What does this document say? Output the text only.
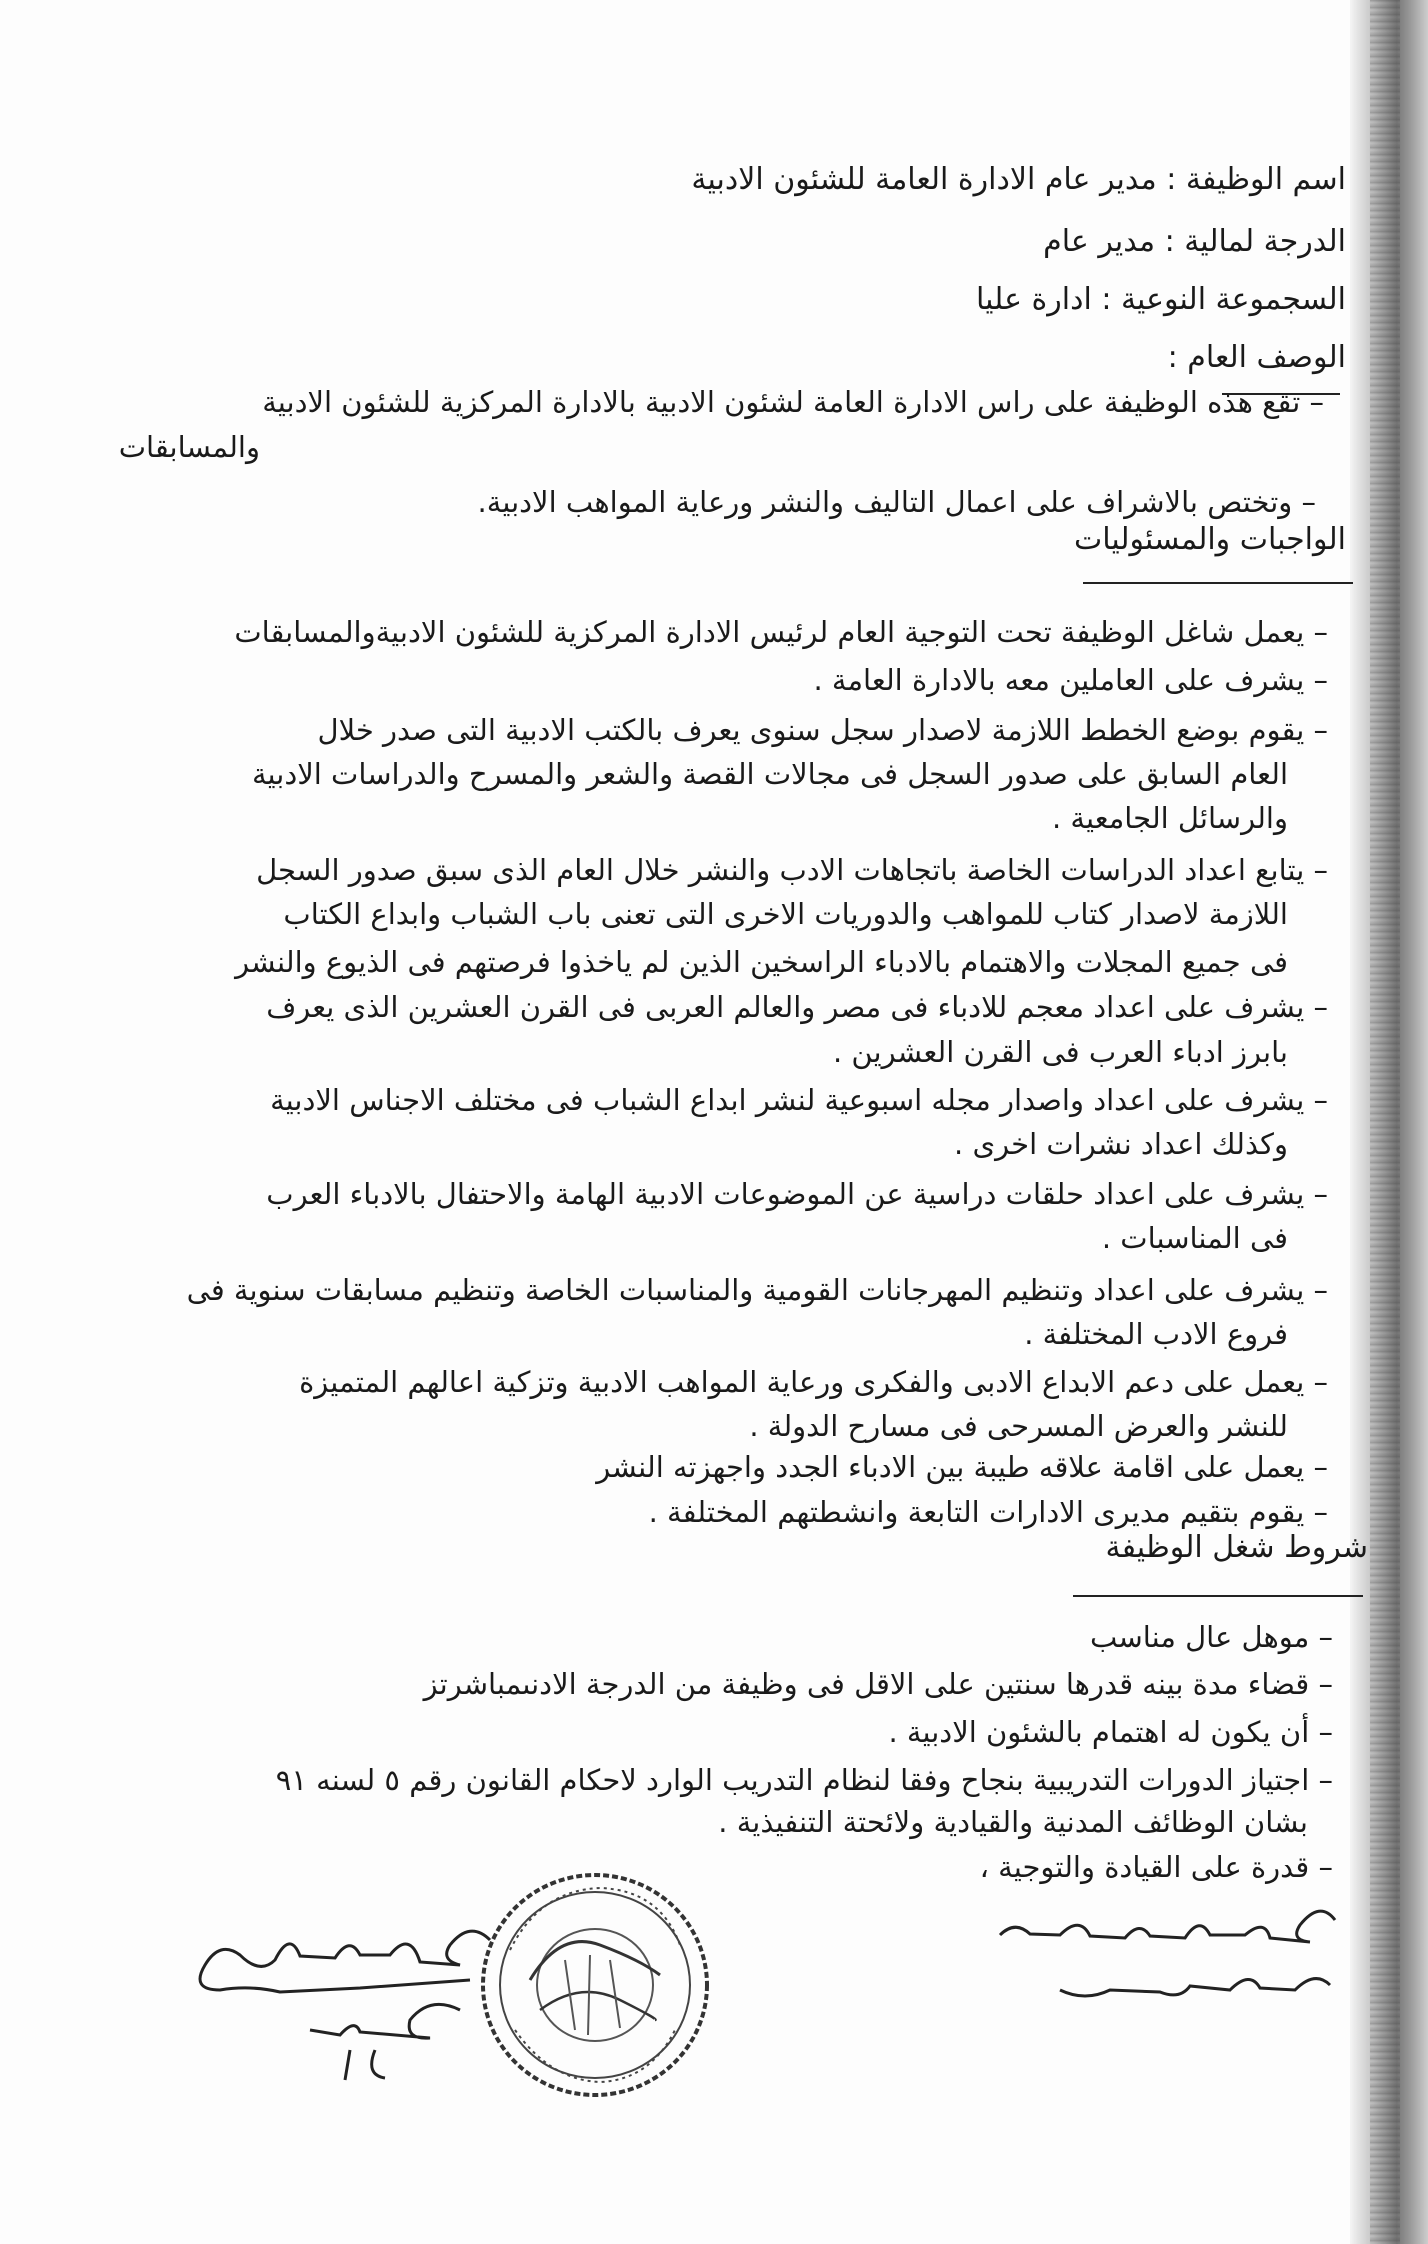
اسم الوظيفة : مدير عام الادارة العامة للشئون الادبية
الدرجة لمالية : مدير عام
السجموعة النوعية : ادارة عليا
الوصف العام :
– تقع هذه الوظيفة على راس الادارة العامة لشئون الادبية بالادارة المركزية للشئون الادبية
والمسابقات
– وتختص بالاشراف على اعمال التاليف والنشر ورعاية المواهب الادبية.
الواجبات والمسئوليات
– يعمل شاغل الوظيفة تحت التوجية العام لرئيس الادارة المركزية للشئون الادبيةوالمسابقات
– يشرف على العاملين معه بالادارة العامة .
– يقوم بوضع الخطط اللازمة لاصدار سجل سنوى يعرف بالكتب الادبية التى صدر خلال
العام السابق على صدور السجل فى مجالات القصة والشعر والمسرح والدراسات الادبية
والرسائل الجامعية .
– يتابع اعداد الدراسات الخاصة باتجاهات الادب والنشر خلال العام الذى سبق صدور السجل
اللازمة لاصدار كتاب للمواهب والدوريات الاخرى التى تعنى باب الشباب وابداع الكتاب
فى جميع المجلات والاهتمام بالادباء الراسخين الذين لم ياخذوا فرصتهم فى الذيوع والنشر
– يشرف على اعداد معجم للادباء فى مصر والعالم العربى فى القرن العشرين الذى يعرف
بابرز ادباء العرب فى القرن العشرين .
– يشرف على اعداد واصدار مجله اسبوعية لنشر ابداع الشباب فى مختلف الاجناس الادبية
وكذلك اعداد نشرات اخرى .
– يشرف على اعداد حلقات دراسية عن الموضوعات الادبية الهامة والاحتفال بالادباء العرب
فى المناسبات .
– يشرف على اعداد وتنظيم المهرجانات القومية والمناسبات الخاصة وتنظيم مسابقات سنوية فى
فروع الادب المختلفة .
– يعمل على دعم الابداع الادبى والفكرى ورعاية المواهب الادبية وتزكية اعالهم المتميزة
للنشر والعرض المسرحى فى مسارح الدولة .
– يعمل على اقامة علاقه طيبة بين الادباء الجدد واجهزته النشر
– يقوم بتقيم مديرى الادارات التابعة وانشطتهم المختلفة .
شروط شغل الوظيفة
– موهل عال مناسب
– قضاء مدة بينه قدرها سنتين على الاقل فى وظيفة من الدرجة الادنىمباشرتز
– أن يكون له اهتمام بالشئون الادبية .
– اجتياز الدورات التدريبية بنجاح وفقا لنظام التدريب الوارد لاحكام القانون رقم ٥ لسنه ٩١
بشان الوظائف المدنية والقيادية ولائحتة التنفيذية .
– قدرة على القيادة والتوجية ،
